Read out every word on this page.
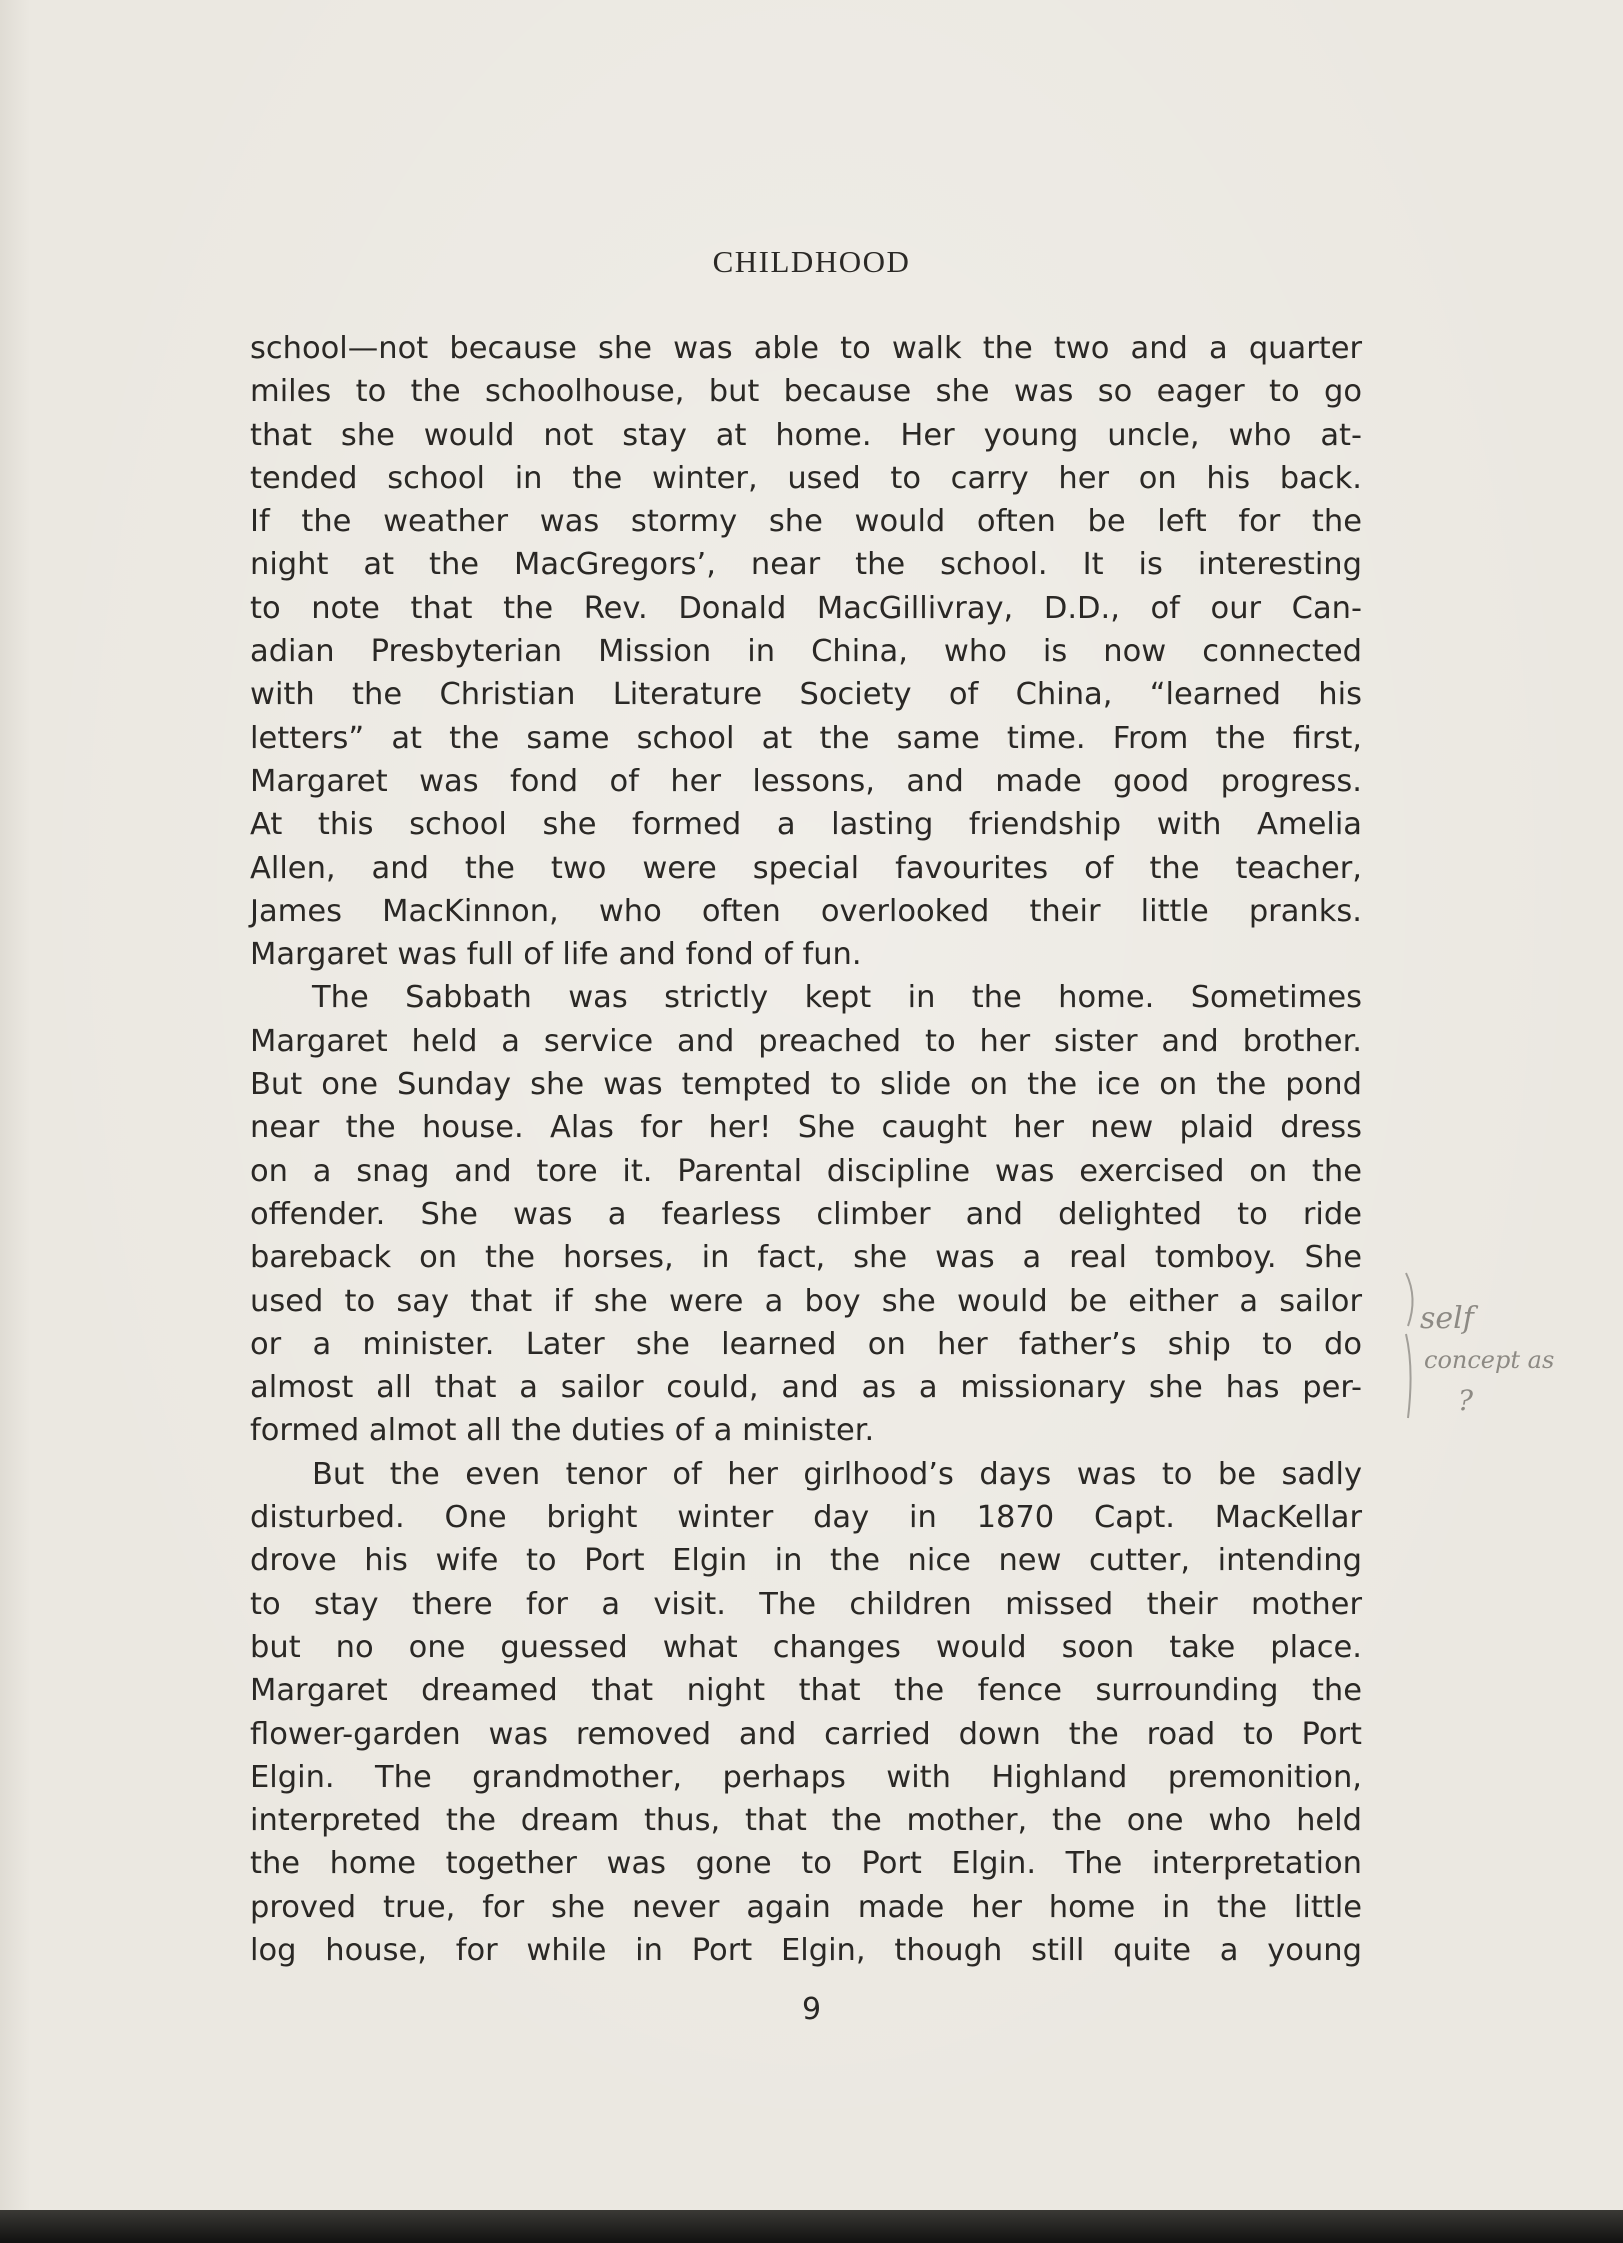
CHILDHOOD
school—not because she was able to walk the two and a quarter
miles to the schoolhouse, but because she was so eager to go
that she would not stay at home. Her young uncle, who at-
tended school in the winter, used to carry her on his back.
If the weather was stormy she would often be left for the
night at the MacGregors’, near the school. It is interesting
to note that the Rev. Donald MacGillivray, D.D., of our Can-
adian Presbyterian Mission in China, who is now connected
with the Christian Literature Society of China, “learned his
letters” at the same school at the same time. From the first,
Margaret was fond of her lessons, and made good progress.
At this school she formed a lasting friendship with Amelia
Allen, and the two were special favourites of the teacher,
James MacKinnon, who often overlooked their little pranks.
Margaret was full of life and fond of fun.
The Sabbath was strictly kept in the home. Sometimes
Margaret held a service and preached to her sister and brother.
But one Sunday she was tempted to slide on the ice on the pond
near the house. Alas for her! She caught her new plaid dress
on a snag and tore it. Parental discipline was exercised on the
offender. She was a fearless climber and delighted to ride
bareback on the horses, in fact, she was a real tomboy. She
used to say that if she were a boy she would be either a sailor
or a minister. Later she learned on her father’s ship to do
almost all that a sailor could, and as a missionary she has per-
formed almot all the duties of a minister.
But the even tenor of her girlhood’s days was to be sadly
disturbed. One bright winter day in 1870 Capt. MacKellar
drove his wife to Port Elgin in the nice new cutter, intending
to stay there for a visit. The children missed their mother
but no one guessed what changes would soon take place.
Margaret dreamed that night that the fence surrounding the
flower-garden was removed and carried down the road to Port
Elgin. The grandmother, perhaps with Highland premonition,
interpreted the dream thus, that the mother, the one who held
the home together was gone to Port Elgin. The interpretation
proved true, for she never again made her home in the little
log house, for while in Port Elgin, though still quite a young
self
concept as
?
9
